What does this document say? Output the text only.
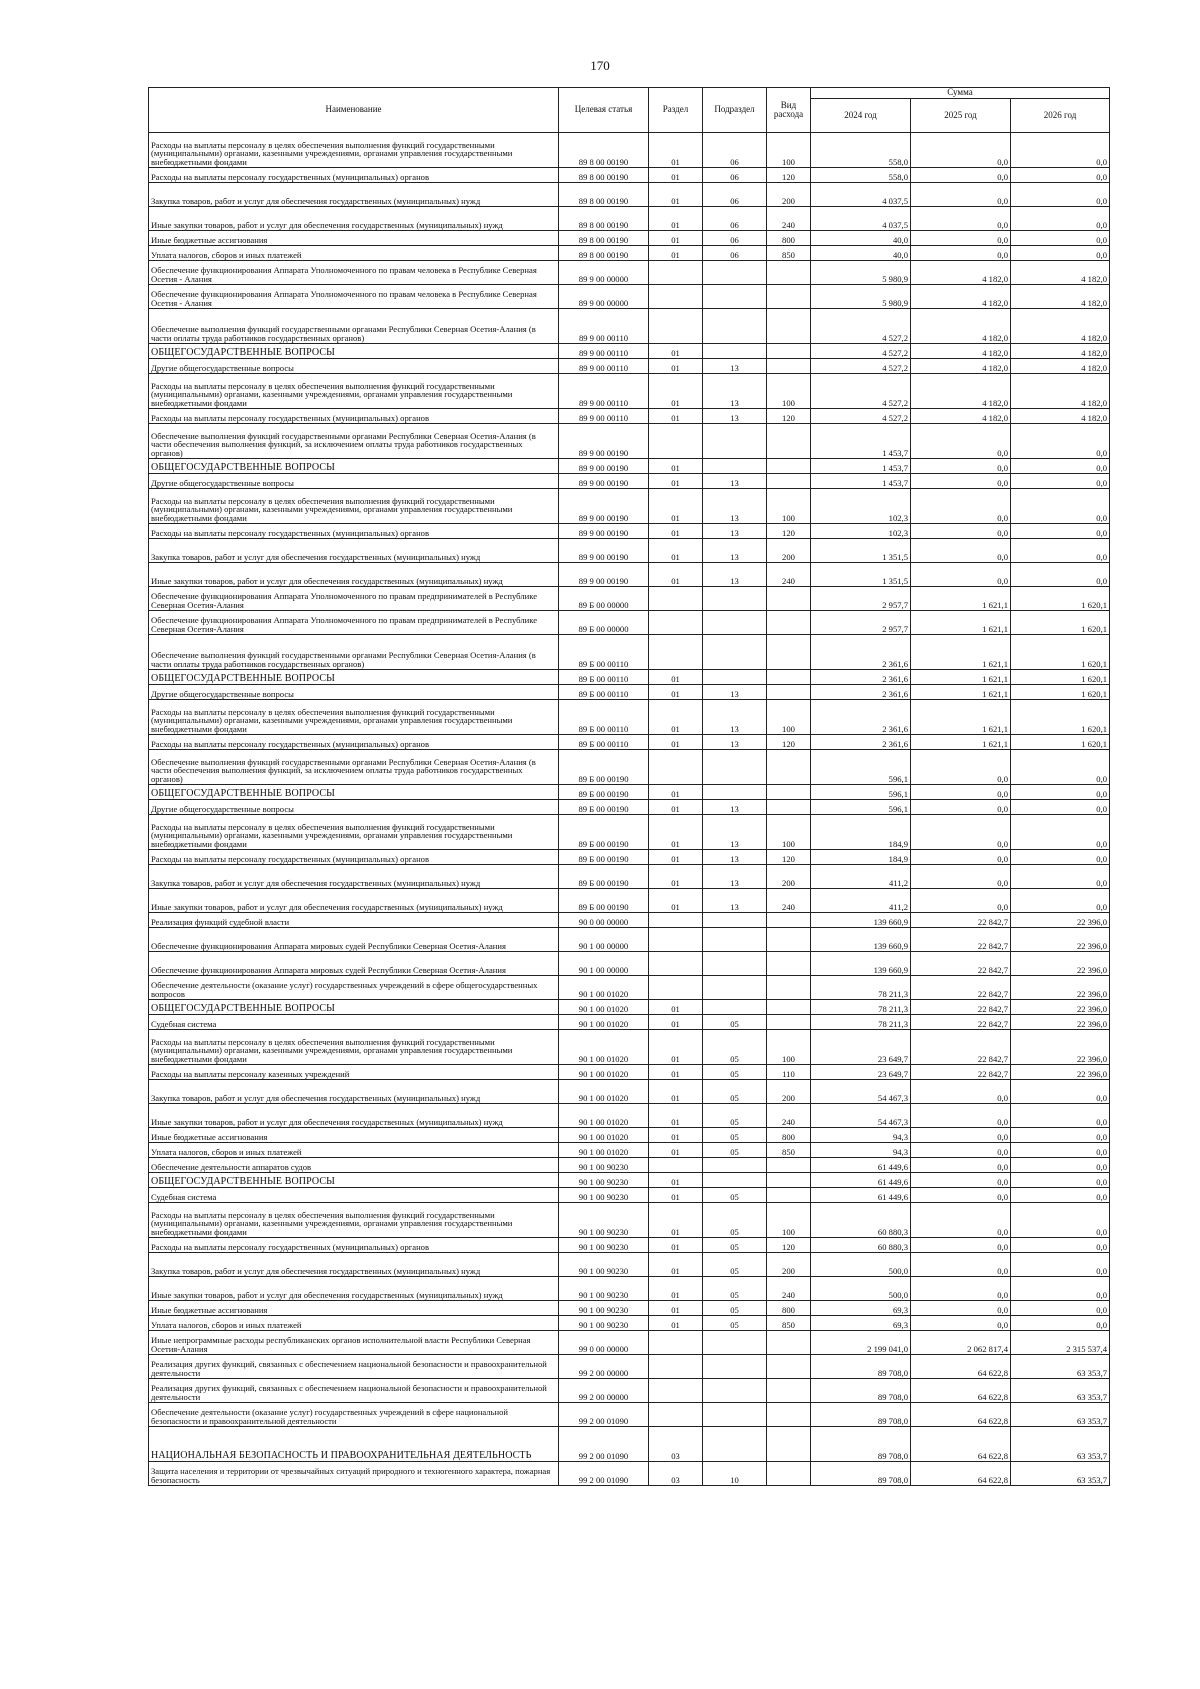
170
Наименование	Целевая статья	Раздел	Подраздел	Вид расхода	Сумма		
					2024 год	2025 год	2026 год
Расходы на выплаты персоналу в целях обеспечения выполнения функций государственными (муниципальными) органами, казенными учреждениями, органами управления государственными внебюджетными фондами	89 8 00 00190	01	06	100	558,0	0,0	0,0
Расходы на выплаты персоналу государственных (муниципальных) органов	89 8 00 00190	01	06	120	558,0	0,0	0,0
Закупка товаров, работ и услуг для обеспечения государственных (муниципальных) нужд	89 8 00 00190	01	06	200	4 037,5	0,0	0,0
Иные закупки товаров, работ и услуг для обеспечения государственных (муниципальных) нужд	89 8 00 00190	01	06	240	4 037,5	0,0	0,0
Иные бюджетные ассигнования	89 8 00 00190	01	06	800	40,0	0,0	0,0
Уплата налогов, сборов и иных платежей	89 8 00 00190	01	06	850	40,0	0,0	0,0
Обеспечение функционирования Аппарата Уполномоченного по правам человека в Республике Северная Осетия - Алания	89 9 00 00000				5 980,9	4 182,0	4 182,0
Обеспечение функционирования Аппарата Уполномоченного по правам человека в Республике Северная Осетия - Алания	89 9 00 00000				5 980,9	4 182,0	4 182,0
Обеспечение выполнения функций государственными органами Республики Северная Осетия-Алания (в части оплаты труда работников государственных органов)	89 9 00 00110				4 527,2	4 182,0	4 182,0
ОБЩЕГОСУДАРСТВЕННЫЕ ВОПРОСЫ	89 9 00 00110	01			4 527,2	4 182,0	4 182,0
Другие общегосударственные вопросы	89 9 00 00110	01	13		4 527,2	4 182,0	4 182,0
Расходы на выплаты персоналу в целях обеспечения выполнения функций государственными (муниципальными) органами, казенными учреждениями, органами управления государственными внебюджетными фондами	89 9 00 00110	01	13	100	4 527,2	4 182,0	4 182,0
Расходы на выплаты персоналу государственных (муниципальных) органов	89 9 00 00110	01	13	120	4 527,2	4 182,0	4 182,0
Обеспечение выполнения функций государственными органами Республики Северная Осетия-Алания (в части обеспечения выполнения функций, за исключением оплаты труда работников государственных органов)	89 9 00 00190				1 453,7	0,0	0,0
ОБЩЕГОСУДАРСТВЕННЫЕ ВОПРОСЫ	89 9 00 00190	01			1 453,7	0,0	0,0
Другие общегосударственные вопросы	89 9 00 00190	01	13		1 453,7	0,0	0,0
Расходы на выплаты персоналу в целях обеспечения выполнения функций государственными (муниципальными) органами, казенными учреждениями, органами управления государственными внебюджетными фондами	89 9 00 00190	01	13	100	102,3	0,0	0,0
Расходы на выплаты персоналу государственных (муниципальных) органов	89 9 00 00190	01	13	120	102,3	0,0	0,0
Закупка товаров, работ и услуг для обеспечения государственных (муниципальных) нужд	89 9 00 00190	01	13	200	1 351,5	0,0	0,0
Иные закупки товаров, работ и услуг для обеспечения государственных (муниципальных) нужд	89 9 00 00190	01	13	240	1 351,5	0,0	0,0
Обеспечение функционирования Аппарата Уполномоченного по правам предпринимателей в Республике Северная Осетия-Алания	89 Б 00 00000				2 957,7	1 621,1	1 620,1
Обеспечение функционирования Аппарата Уполномоченного по правам предпринимателей в Республике Северная Осетия-Алания	89 Б 00 00000				2 957,7	1 621,1	1 620,1
Обеспечение выполнения функций государственными органами Республики Северная Осетия-Алания (в части оплаты труда работников государственных органов)	89 Б 00 00110				2 361,6	1 621,1	1 620,1
ОБЩЕГОСУДАРСТВЕННЫЕ ВОПРОСЫ	89 Б 00 00110	01			2 361,6	1 621,1	1 620,1
Другие общегосударственные вопросы	89 Б 00 00110	01	13		2 361,6	1 621,1	1 620,1
Расходы на выплаты персоналу в целях обеспечения выполнения функций государственными (муниципальными) органами, казенными учреждениями, органами управления государственными внебюджетными фондами	89 Б 00 00110	01	13	100	2 361,6	1 621,1	1 620,1
Расходы на выплаты персоналу государственных (муниципальных) органов	89 Б 00 00110	01	13	120	2 361,6	1 621,1	1 620,1
Обеспечение выполнения функций государственными органами Республики Северная Осетия-Алания (в части обеспечения выполнения функций, за исключением оплаты труда работников государственных органов)	89 Б 00 00190				596,1	0,0	0,0
ОБЩЕГОСУДАРСТВЕННЫЕ ВОПРОСЫ	89 Б 00 00190	01			596,1	0,0	0,0
Другие общегосударственные вопросы	89 Б 00 00190	01	13		596,1	0,0	0,0
Расходы на выплаты персоналу в целях обеспечения выполнения функций государственными (муниципальными) органами, казенными учреждениями, органами управления государственными внебюджетными фондами	89 Б 00 00190	01	13	100	184,9	0,0	0,0
Расходы на выплаты персоналу государственных (муниципальных) органов	89 Б 00 00190	01	13	120	184,9	0,0	0,0
Закупка товаров, работ и услуг для обеспечения государственных (муниципальных) нужд	89 Б 00 00190	01	13	200	411,2	0,0	0,0
Иные закупки товаров, работ и услуг для обеспечения государственных (муниципальных) нужд	89 Б 00 00190	01	13	240	411,2	0,0	0,0
Реализация функций судебной власти	90 0 00 00000				139 660,9	22 842,7	22 396,0
Обеспечение функционирования Аппарата мировых судей Республики Северная Осетия-Алания	90 1 00 00000				139 660,9	22 842,7	22 396,0
Обеспечение функционирования Аппарата мировых судей Республики Северная Осетия-Алания	90 1 00 00000				139 660,9	22 842,7	22 396,0
Обеспечение деятельности (оказание услуг) государственных учреждений в сфере общегосударственных вопросов	90 1 00 01020				78 211,3	22 842,7	22 396,0
ОБЩЕГОСУДАРСТВЕННЫЕ ВОПРОСЫ	90 1 00 01020	01			78 211,3	22 842,7	22 396,0
Судебная система	90 1 00 01020	01	05		78 211,3	22 842,7	22 396,0
Расходы на выплаты персоналу в целях обеспечения выполнения функций государственными (муниципальными) органами, казенными учреждениями, органами управления государственными внебюджетными фондами	90 1 00 01020	01	05	100	23 649,7	22 842,7	22 396,0
Расходы на выплаты персоналу казенных учреждений	90 1 00 01020	01	05	110	23 649,7	22 842,7	22 396,0
Закупка товаров, работ и услуг для обеспечения государственных (муниципальных) нужд	90 1 00 01020	01	05	200	54 467,3	0,0	0,0
Иные закупки товаров, работ и услуг для обеспечения государственных (муниципальных) нужд	90 1 00 01020	01	05	240	54 467,3	0,0	0,0
Иные бюджетные ассигнования	90 1 00 01020	01	05	800	94,3	0,0	0,0
Уплата налогов, сборов и иных платежей	90 1 00 01020	01	05	850	94,3	0,0	0,0
Обеспечение деятельности аппаратов судов	90 1 00 90230				61 449,6	0,0	0,0
ОБЩЕГОСУДАРСТВЕННЫЕ ВОПРОСЫ	90 1 00 90230	01			61 449,6	0,0	0,0
Судебная система	90 1 00 90230	01	05		61 449,6	0,0	0,0
Расходы на выплаты персоналу в целях обеспечения выполнения функций государственными (муниципальными) органами, казенными учреждениями, органами управления государственными внебюджетными фондами	90 1 00 90230	01	05	100	60 880,3	0,0	0,0
Расходы на выплаты персоналу государственных (муниципальных) органов	90 1 00 90230	01	05	120	60 880,3	0,0	0,0
Закупка товаров, работ и услуг для обеспечения государственных (муниципальных) нужд	90 1 00 90230	01	05	200	500,0	0,0	0,0
Иные закупки товаров, работ и услуг для обеспечения государственных (муниципальных) нужд	90 1 00 90230	01	05	240	500,0	0,0	0,0
Иные бюджетные ассигнования	90 1 00 90230	01	05	800	69,3	0,0	0,0
Уплата налогов, сборов и иных платежей	90 1 00 90230	01	05	850	69,3	0,0	0,0
Иные непрограммные расходы республиканских органов исполнительной власти Республики Северная Осетия-Алания	99 0 00 00000				2 199 041,0	2 062 817,4	2 315 537,4
Реализация других функций, связанных с обеспечением национальной безопасности и правоохранительной деятельности	99 2 00 00000				89 708,0	64 622,8	63 353,7
Реализация других функций, связанных с обеспечением национальной безопасности и правоохранительной деятельности	99 2 00 00000				89 708,0	64 622,8	63 353,7
Обеспечение деятельности (оказание услуг) государственных учреждений в сфере национальной безопасности и правоохранительной деятельности	99 2 00 01090				89 708,0	64 622,8	63 353,7
НАЦИОНАЛЬНАЯ БЕЗОПАСНОСТЬ И ПРАВООХРАНИТЕЛЬНАЯ ДЕЯТЕЛЬНОСТЬ	99 2 00 01090	03			89 708,0	64 622,8	63 353,7
Защита населения и территории от чрезвычайных ситуаций природного и техногенного характера, пожарная безопасность	99 2 00 01090	03	10		89 708,0	64 622,8	63 353,7
